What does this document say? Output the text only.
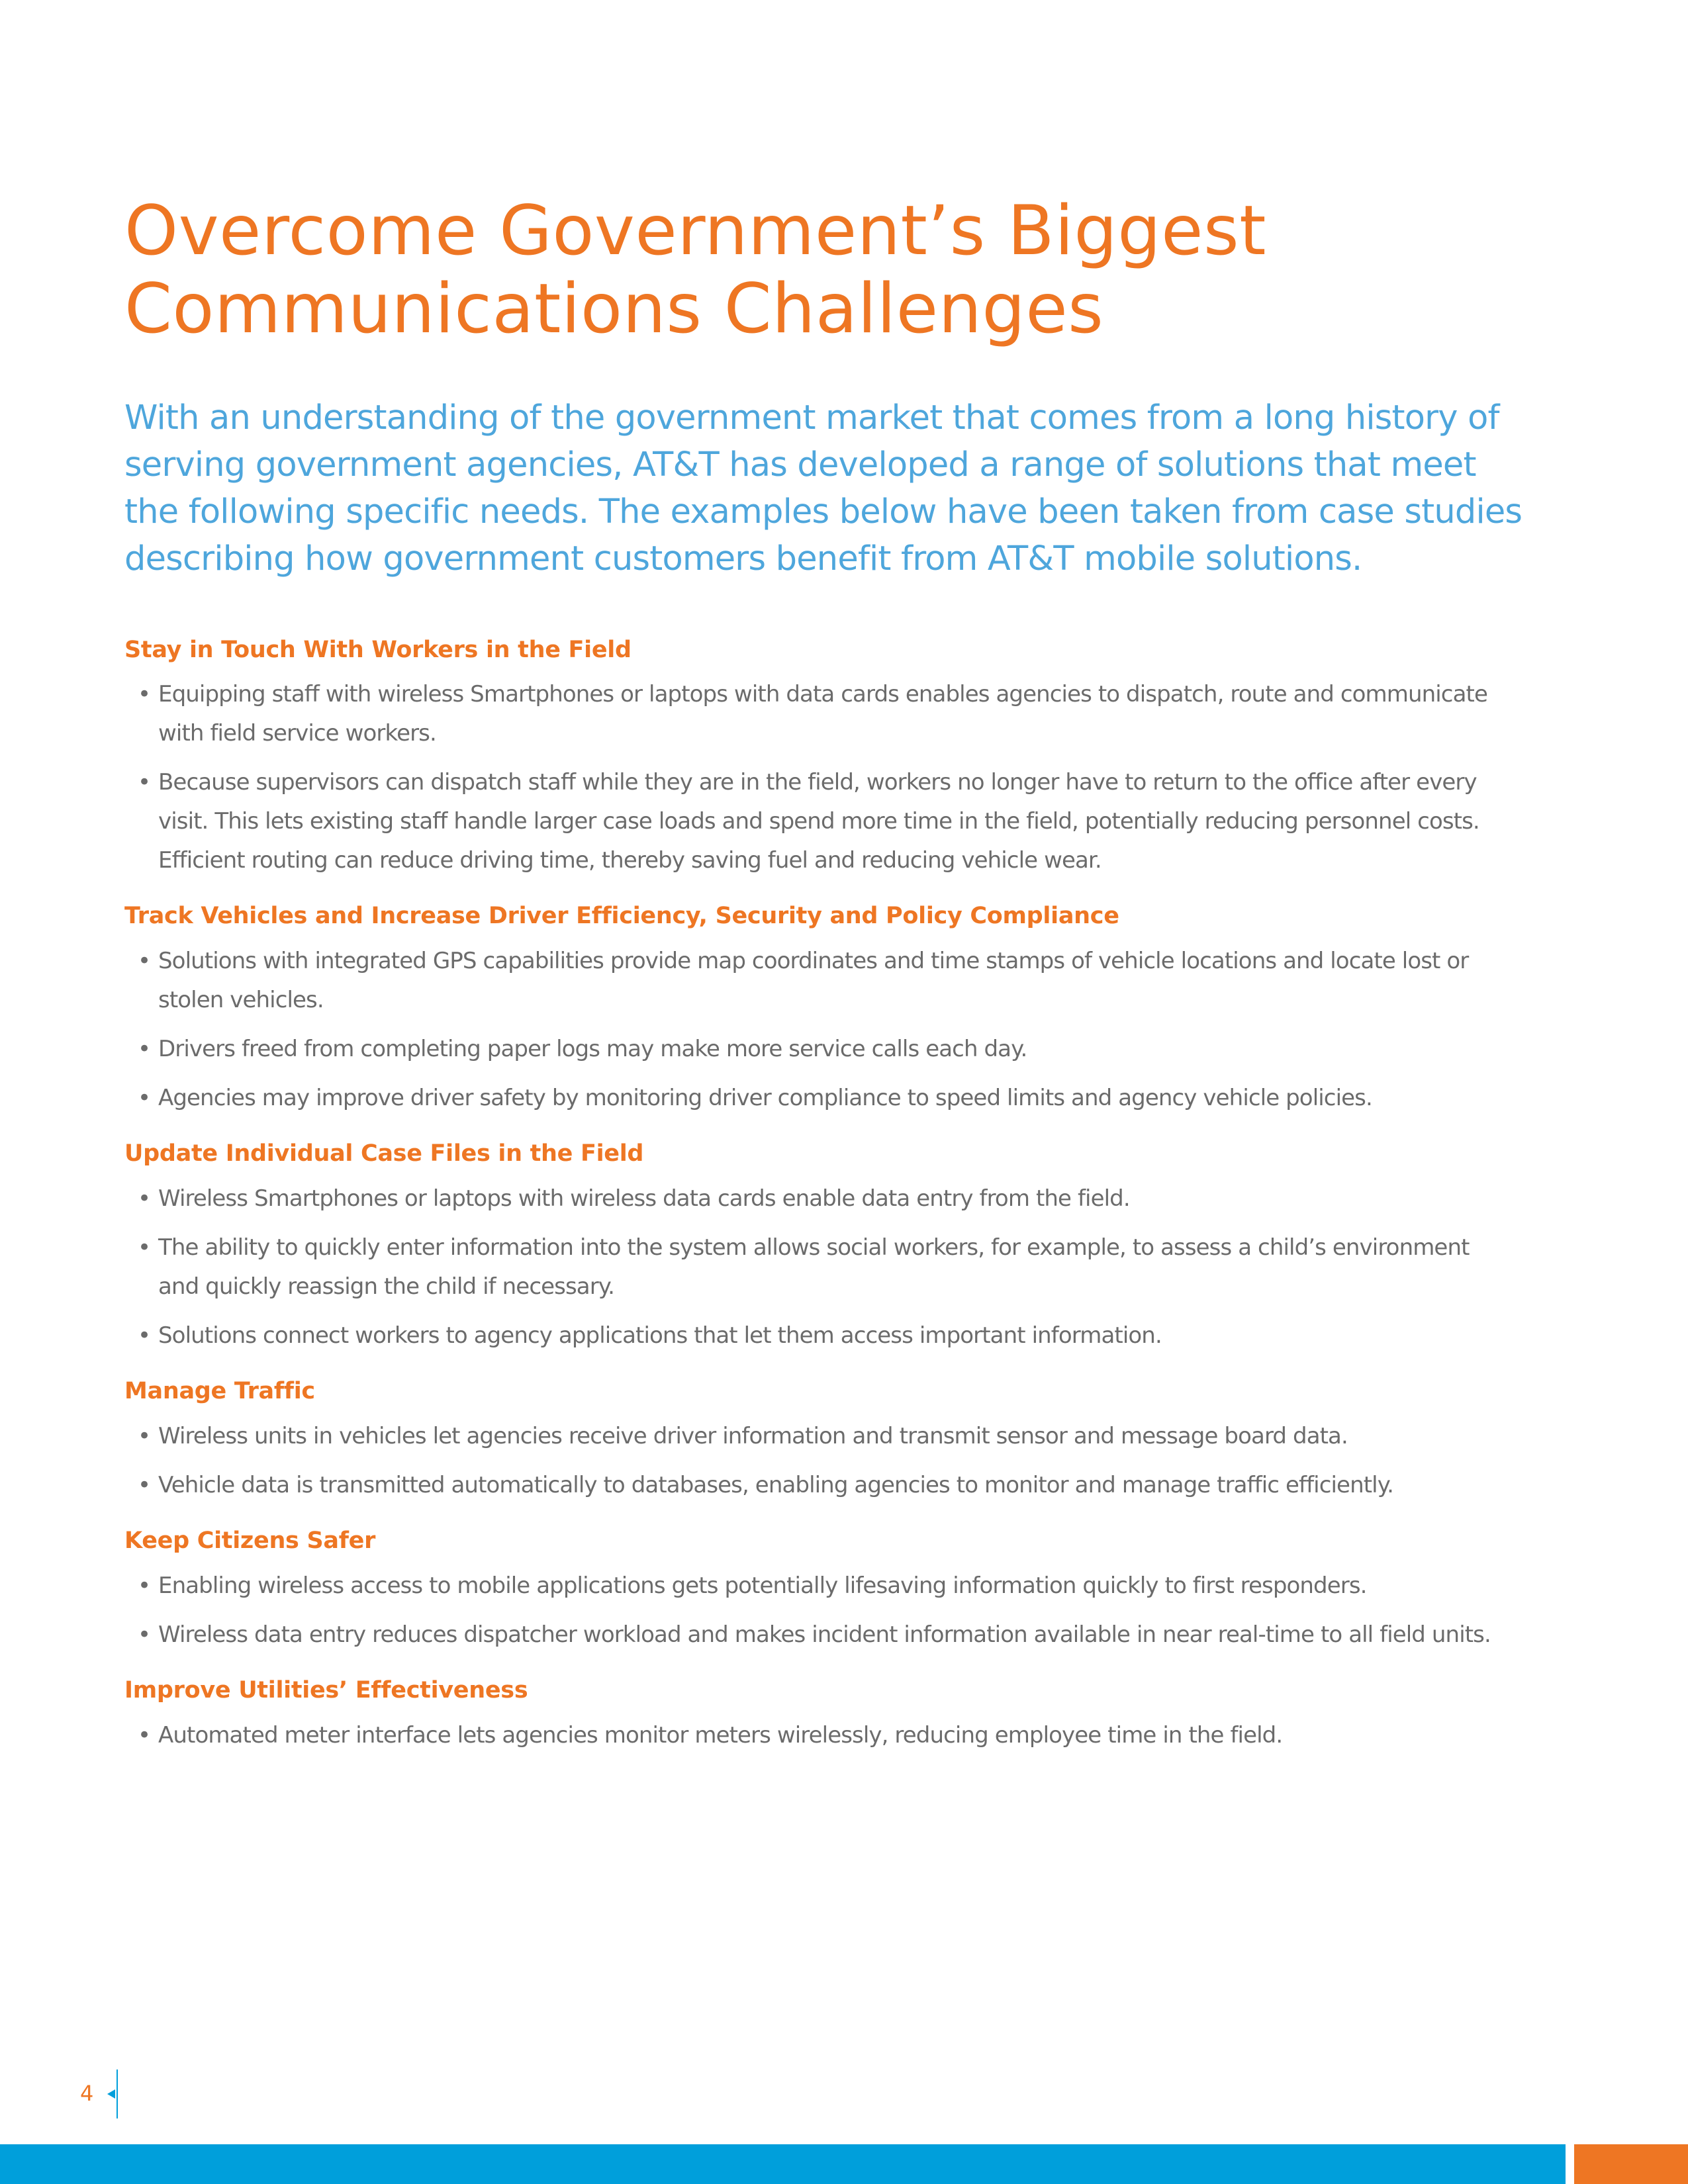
Overcome Government’s Biggest
Communications Challenges

With an understanding of the government market that comes from a long history of serving government agencies, AT&T has developed a range of solutions that meet the following specific needs. The examples below have been taken from case studies describing how government customers benefit from AT&T mobile solutions.

Stay in Touch With Workers in the Field
• Equipping staff with wireless Smartphones or laptops with data cards enables agencies to dispatch, route and communicate with field service workers.
• Because supervisors can dispatch staff while they are in the field, workers no longer have to return to the office after every visit. This lets existing staff handle larger case loads and spend more time in the field, potentially reducing personnel costs. Efficient routing can reduce driving time, thereby saving fuel and reducing vehicle wear.
Track Vehicles and Increase Driver Efficiency, Security and Policy Compliance
• Solutions with integrated GPS capabilities provide map coordinates and time stamps of vehicle locations and locate lost or stolen vehicles.
• Drivers freed from completing paper logs may make more service calls each day.
• Agencies may improve driver safety by monitoring driver compliance to speed limits and agency vehicle policies.
Update Individual Case Files in the Field
• Wireless Smartphones or laptops with wireless data cards enable data entry from the field.
• The ability to quickly enter information into the system allows social workers, for example, to assess a child’s environment and quickly reassign the child if necessary.
• Solutions connect workers to agency applications that let them access important information.
Manage Traffic
• Wireless units in vehicles let agencies receive driver information and transmit sensor and message board data.
• Vehicle data is transmitted automatically to databases, enabling agencies to monitor and manage traffic efficiently.
Keep Citizens Safer
• Enabling wireless access to mobile applications gets potentially lifesaving information quickly to first responders.
• Wireless data entry reduces dispatcher workload and makes incident information available in near real-time to all field units.
Improve Utilities’ Effectiveness
• Automated meter interface lets agencies monitor meters wirelessly, reducing employee time in the field.
4
